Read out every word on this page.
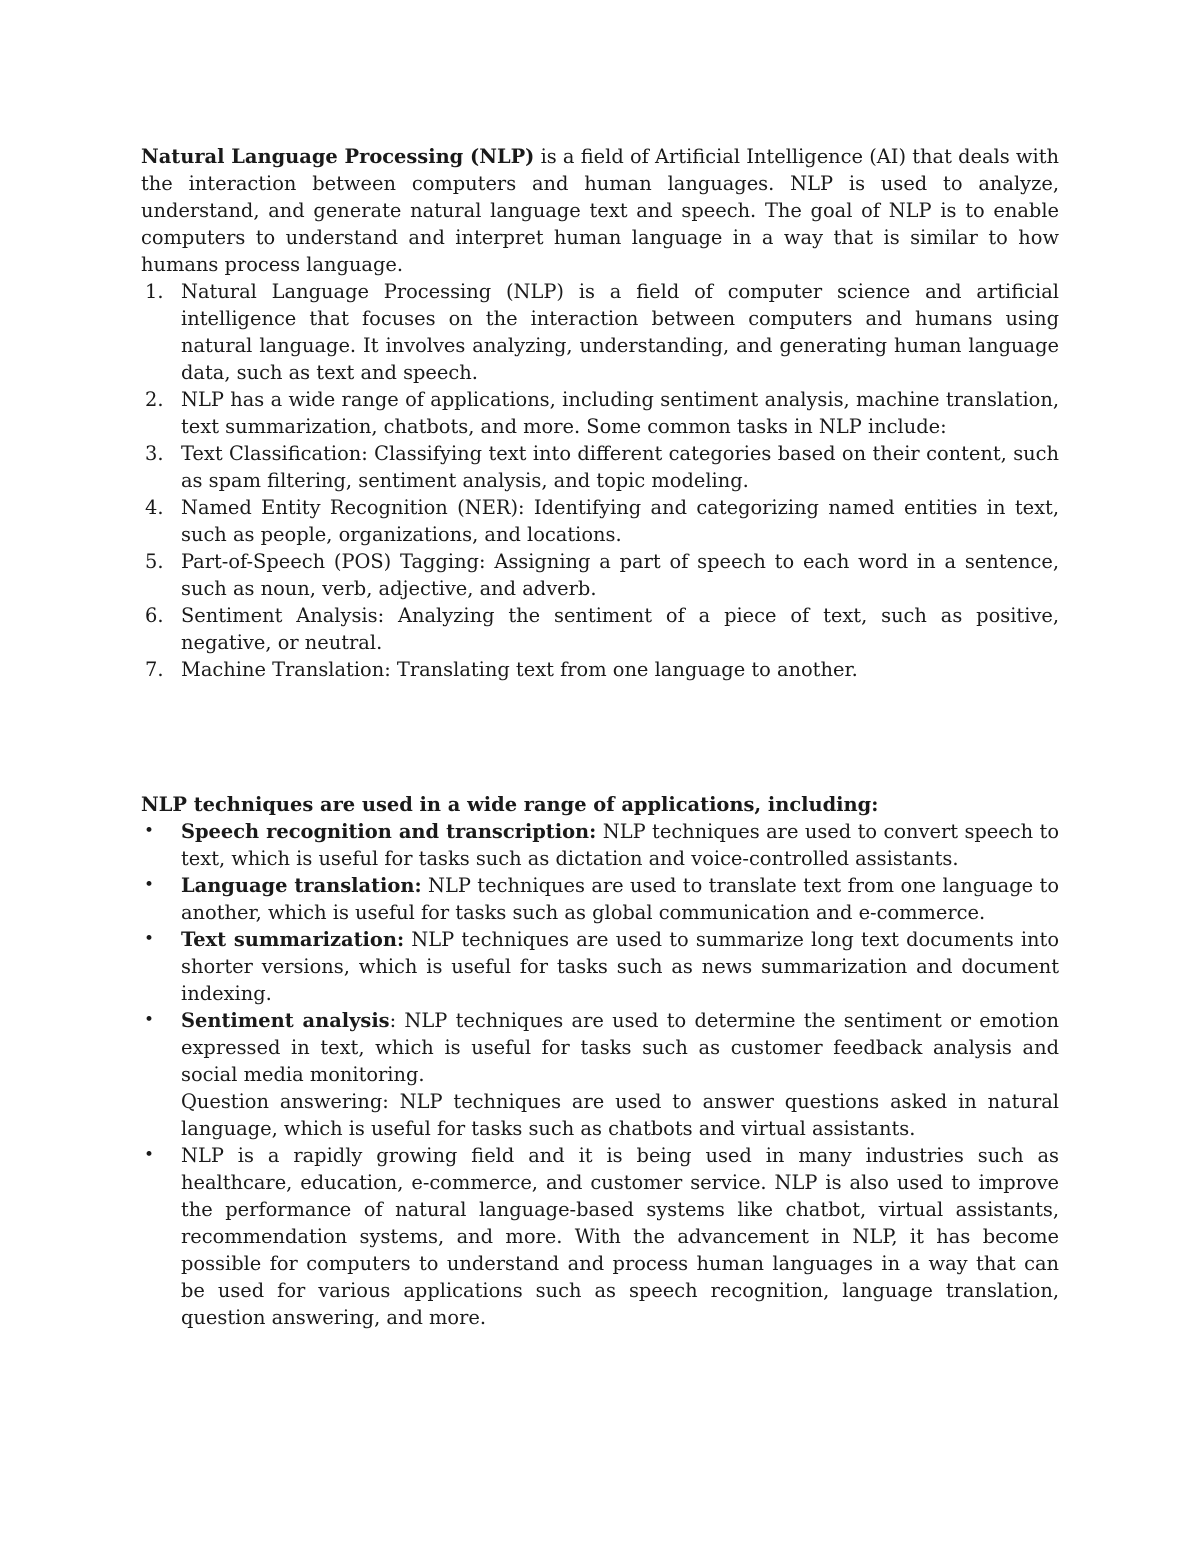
Natural Language Processing (NLP) is a field of Artificial Intelligence (AI) that deals with the interaction between computers and human languages. NLP is used to analyze, understand, and generate natural language text and speech. The goal of NLP is to enable computers to understand and interpret human language in a way that is similar to how humans process language.

1. Natural Language Processing (NLP) is a field of computer science and artificial intelligence that focuses on the interaction between computers and humans using natural language. It involves analyzing, understanding, and generating human language data, such as text and speech.
2. NLP has a wide range of applications, including sentiment analysis, machine translation, text summarization, chatbots, and more. Some common tasks in NLP include:
3. Text Classification: Classifying text into different categories based on their content, such as spam filtering, sentiment analysis, and topic modeling.
4. Named Entity Recognition (NER): Identifying and categorizing named entities in text, such as people, organizations, and locations.
5. Part-of-Speech (POS) Tagging: Assigning a part of speech to each word in a sentence, such as noun, verb, adjective, and adverb.
6. Sentiment Analysis: Analyzing the sentiment of a piece of text, such as positive, negative, or neutral.
7. Machine Translation: Translating text from one language to another.

NLP techniques are used in a wide range of applications, including:

• Speech recognition and transcription: NLP techniques are used to convert speech to text, which is useful for tasks such as dictation and voice-controlled assistants.
• Language translation: NLP techniques are used to translate text from one language to another, which is useful for tasks such as global communication and e-commerce.
• Text summarization: NLP techniques are used to summarize long text documents into shorter versions, which is useful for tasks such as news summarization and document indexing.
• Sentiment analysis: NLP techniques are used to determine the sentiment or emotion expressed in text, which is useful for tasks such as customer feedback analysis and social media monitoring.
Question answering: NLP techniques are used to answer questions asked in natural language, which is useful for tasks such as chatbots and virtual assistants.
• NLP is a rapidly growing field and it is being used in many industries such as healthcare, education, e-commerce, and customer service. NLP is also used to improve the performance of natural language-based systems like chatbot, virtual assistants, recommendation systems, and more. With the advancement in NLP, it has become possible for computers to understand and process human languages in a way that can be used for various applications such as speech recognition, language translation, question answering, and more.
